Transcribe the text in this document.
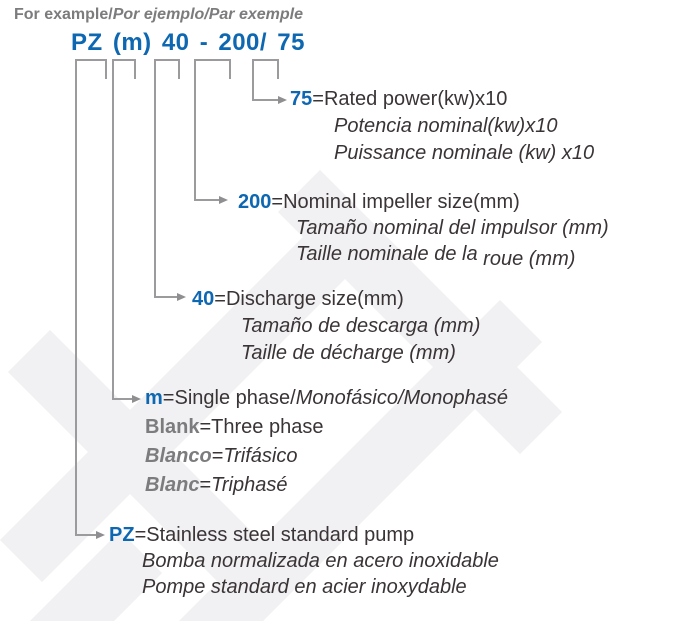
For example/Por ejemplo/Par exemple
PZ (m) 40 - 200/ 75
75=Rated power(kw)x10
Potencia nominal(kw)x10
Puissance nominale (kw) x10
200=Nominal impeller size(mm)
Tamaño nominal del impulsor (mm)
Taille nominale de la roue (mm)
40=Discharge size(mm)
Tamaño de descarga (mm)
Taille de décharge (mm)
m=Single phase/Monofásico/Monophasé
Blank=Three phase
Blanco=Trifásico
Blanc=Triphasé
PZ=Stainless steel standard pump
Bomba normalizada en acero inoxidable
Pompe standard en acier inoxydable
